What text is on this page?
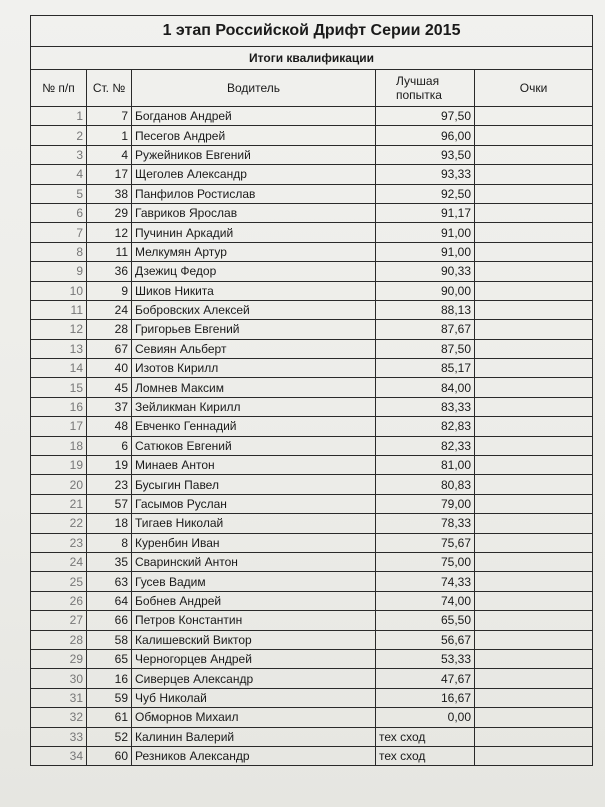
1 этап Российской Дрифт Серии 2015				
Итоги квалификации				
№ п/п	Ст. №	Водитель	Лучшая попытка	Очки
1	7	Богданов Андрей	97,50	
2	1	Песегов Андрей	96,00	
3	4	Ружейников Евгений	93,50	
4	17	Щеголев Александр	93,33	
5	38	Панфилов Ростислав	92,50	
6	29	Гавриков Ярослав	91,17	
7	12	Пучинин Аркадий	91,00	
8	11	Мелкумян Артур	91,00	
9	36	Дзежиц Федор	90,33	
10	9	Шиков Никита	90,00	
11	24	Бобровских Алексей	88,13	
12	28	Григорьев Евгений	87,67	
13	67	Севиян Альберт	87,50	
14	40	Изотов Кирилл	85,17	
15	45	Ломнев Максим	84,00	
16	37	Зейликман Кирилл	83,33	
17	48	Евченко Геннадий	82,83	
18	6	Сатюков Евгений	82,33	
19	19	Минаев Антон	81,00	
20	23	Бусыгин Павел	80,83	
21	57	Гасымов Руслан	79,00	
22	18	Тигаев Николай	78,33	
23	8	Куренбин Иван	75,67	
24	35	Сваринский Антон	75,00	
25	63	Гусев Вадим	74,33	
26	64	Бобнев Андрей	74,00	
27	66	Петров Константин	65,50	
28	58	Калишевский Виктор	56,67	
29	65	Черногорцев Андрей	53,33	
30	16	Сиверцев Александр	47,67	
31	59	Чуб Николай	16,67	
32	61	Обморнов Михаил	0,00	
33	52	Калинин Валерий	тех сход	
34	60	Резников Александр	тех сход	
